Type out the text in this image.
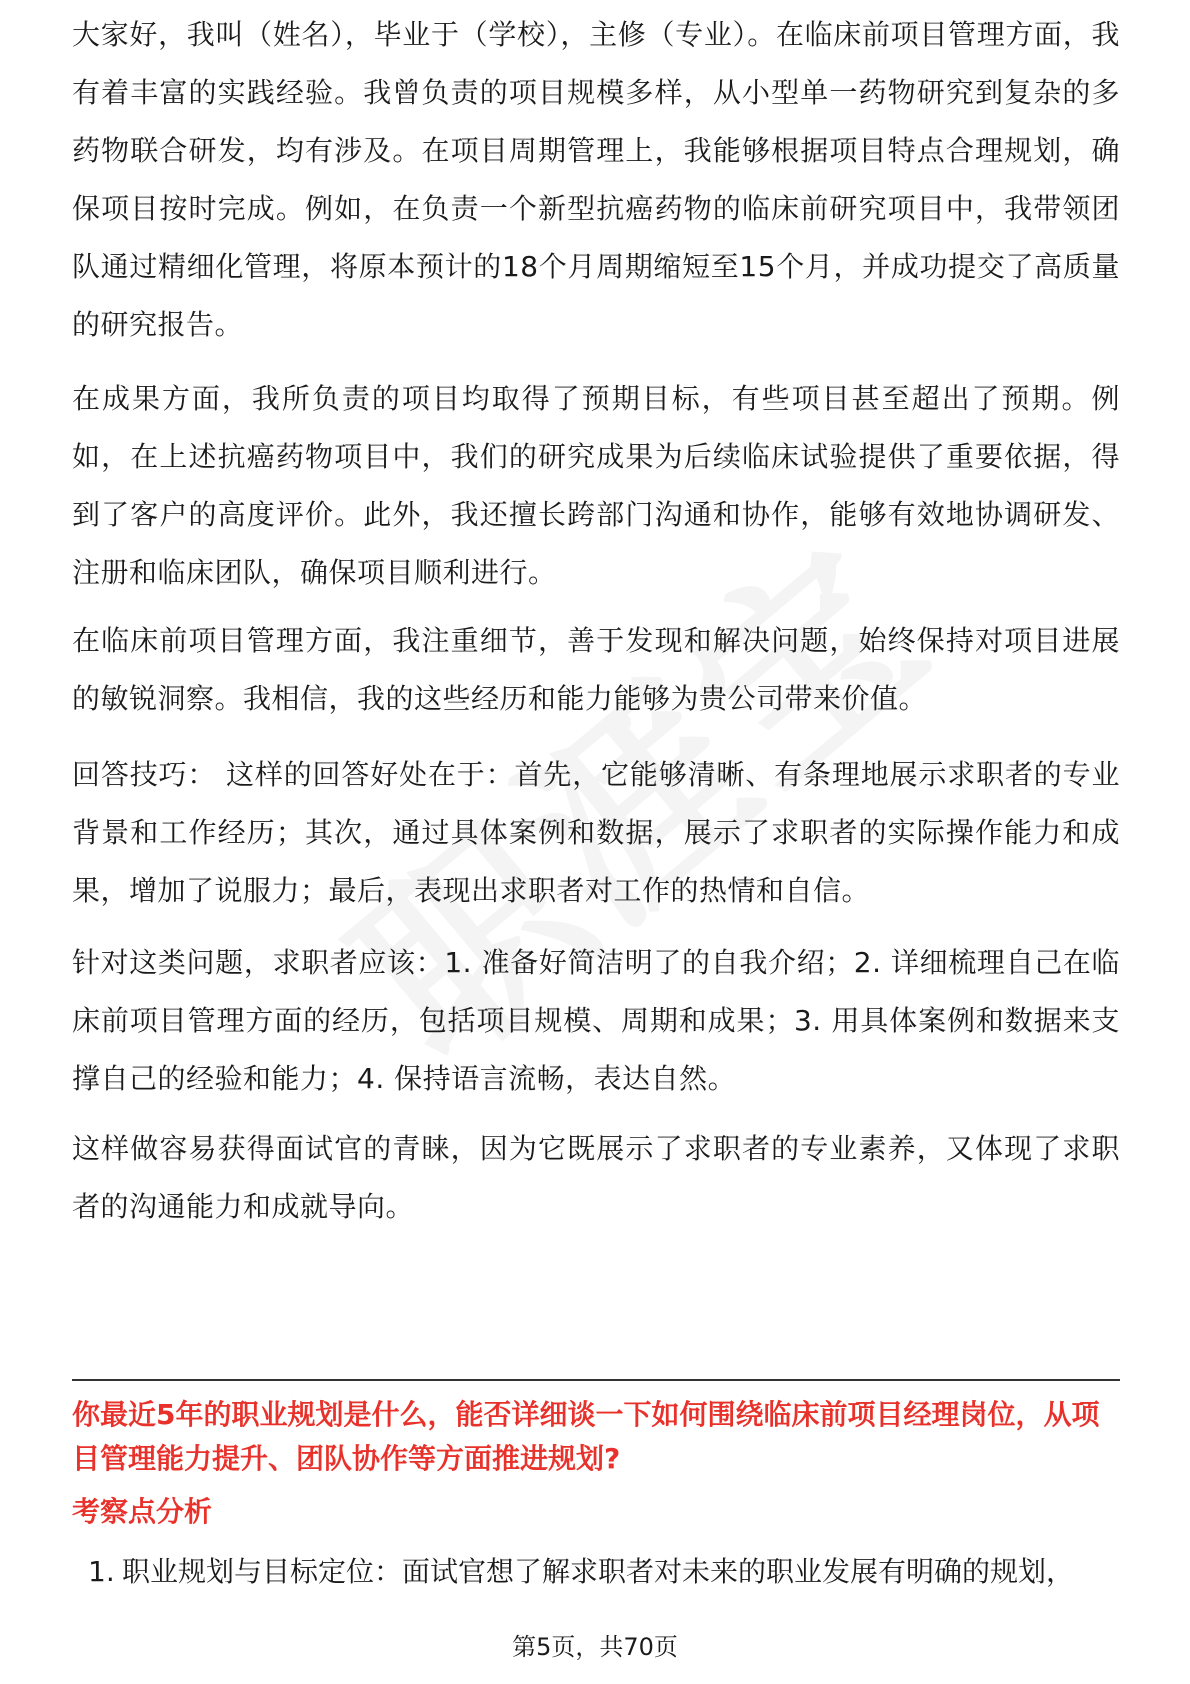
大家好，我叫（姓名），毕业于（学校），主修（专业）。在临床前项目管理方面，我有着丰富的实践经验。我曾负责的项目规模多样，从小型单一药物研究到复杂的多药物联合研发，均有涉及。在项目周期管理上，我能够根据项目特点合理规划，确保项目按时完成。例如，在负责一个新型抗癌药物的临床前研究项目中，我带领团队通过精细化管理，将原本预计的18个月周期缩短至15个月，并成功提交了高质量的研究报告。

在成果方面，我所负责的项目均取得了预期目标，有些项目甚至超出了预期。例如，在上述抗癌药物项目中，我们的研究成果为后续临床试验提供了重要依据，得到了客户的高度评价。此外，我还擅长跨部门沟通和协作，能够有效地协调研发、注册和临床团队，确保项目顺利进行。

在临床前项目管理方面，我注重细节，善于发现和解决问题，始终保持对项目进展的敏锐洞察。我相信，我的这些经历和能力能够为贵公司带来价值。

回答技巧： 这样的回答好处在于：首先，它能够清晰、有条理地展示求职者的专业背景和工作经历；其次，通过具体案例和数据，展示了求职者的实际操作能力和成果，增加了说服力；最后，表现出求职者对工作的热情和自信。

针对这类问题，求职者应该：1. 准备好简洁明了的自我介绍；2. 详细梳理自己在临床前项目管理方面的经历，包括项目规模、周期和成果；3. 用具体案例和数据来支撑自己的经验和能力；4. 保持语言流畅，表达自然。

这样做容易获得面试官的青睐，因为它既展示了求职者的专业素养，又体现了求职者的沟通能力和成就导向。

你最近5年的职业规划是什么，能否详细谈一下如何围绕临床前项目经理岗位，从项目管理能力提升、团队协作等方面推进规划?

考察点分析

1. 职业规划与目标定位：面试官想了解求职者对未来的职业发展有明确的规划，
第5页，共70页
